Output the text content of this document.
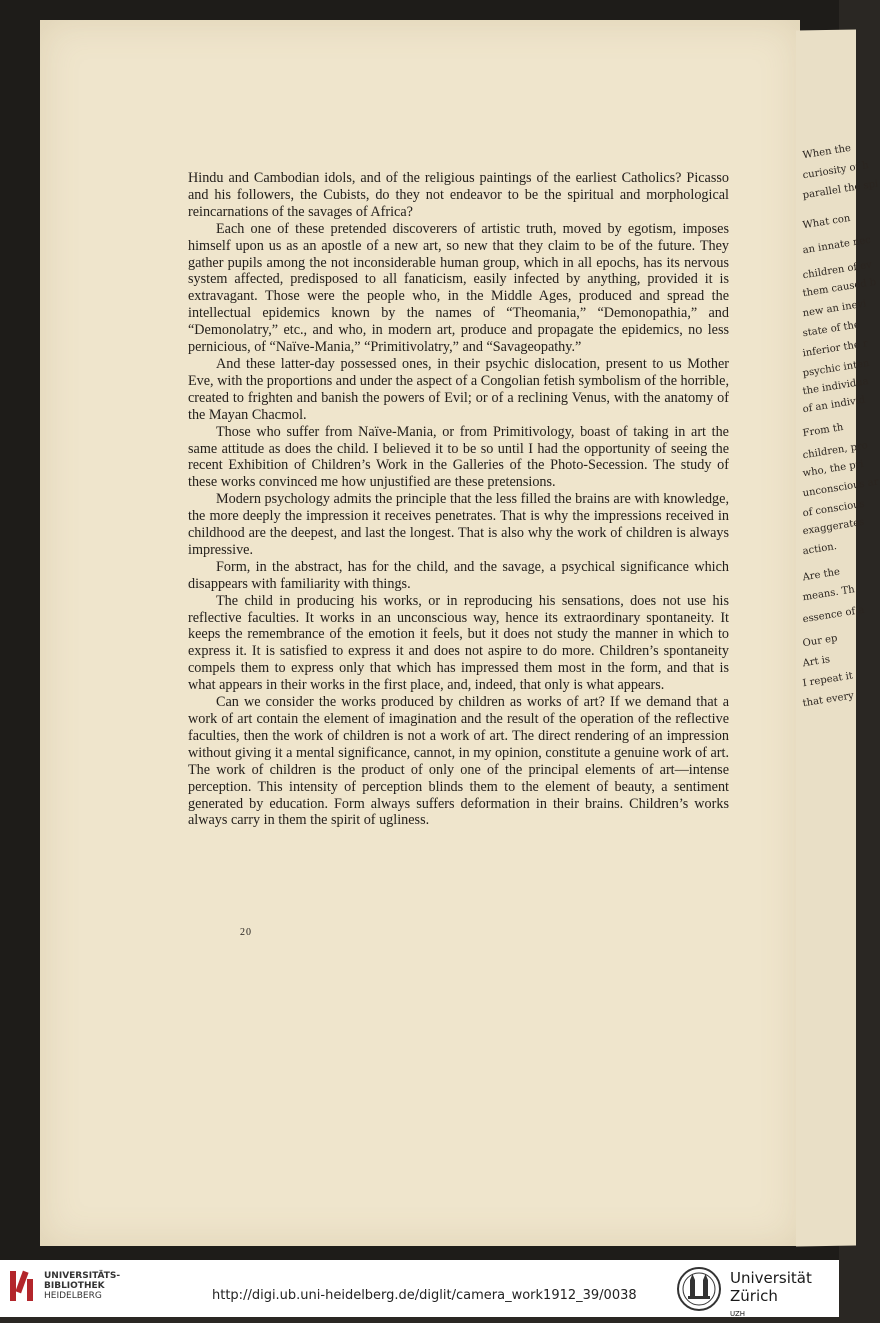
When the
curiosity of h
parallel the spi
What con
an innate nec
children of ev
them caused b
new an inevi
state of the
inferior the r
psychic inten
the individua
of an individ
From th
children, pro
who, the pri
unconscious ar
of conscious
exaggerates
action.
Are the
means. Th
essence of a
Our ep
Art is
I repeat it
that every

Hindu and Cambodian idols, and of the religious paintings of the earliest Catholics? Picasso and his followers, the Cubists, do they not endeavor to be the spiritual and morphological reincarnations of the savages of Africa?

Each one of these pretended discoverers of artistic truth, moved by egotism, imposes himself upon us as an apostle of a new art, so new that they claim to be of the future. They gather pupils among the not inconsiderable human group, which in all epochs, has its nervous system affected, predisposed to all fanaticism, easily infected by anything, provided it is extravagant. Those were the people who, in the Middle Ages, produced and spread the intellectual epidemics known by the names of “Theomania,” “Demonopathia,” and “Demonolatry,” etc., and who, in modern art, produce and propagate the epidemics, no less pernicious, of “Naïve-Mania,” “Primitivolatry,” and “Savageopathy.”

And these latter-day possessed ones, in their psychic dislocation, present to us Mother Eve, with the proportions and under the aspect of a Congolian fetish symbolism of the horrible, created to frighten and banish the powers of Evil; or of a reclining Venus, with the anatomy of the Mayan Chacmol.

Those who suffer from Naïve-Mania, or from Primitivology, boast of taking in art the same attitude as does the child. I believed it to be so until I had the opportunity of seeing the recent Exhibition of Children’s Work in the Galleries of the Photo-Secession. The study of these works convinced me how unjustified are these pretensions.

Modern psychology admits the principle that the less filled the brains are with knowledge, the more deeply the impression it receives penetrates. That is why the impressions received in childhood are the deepest, and last the longest. That is also why the work of children is always impressive.

Form, in the abstract, has for the child, and the savage, a psychical significance which disappears with familiarity with things.

The child in producing his works, or in reproducing his sensations, does not use his reflective faculties. It works in an unconscious way, hence its extraordinary spontaneity. It keeps the remembrance of the emotion it feels, but it does not study the manner in which to express it. It is satisfied to express it and does not aspire to do more. Children’s spontaneity compels them to express only that which has impressed them most in the form, and that is what appears in their works in the first place, and, indeed, that only is what appears.

Can we consider the works produced by children as works of art? If we demand that a work of art contain the element of imagination and the result of the operation of the reflective faculties, then the work of children is not a work of art. The direct rendering of an impression without giving it a mental significance, cannot, in my opinion, constitute a genuine work of art. The work of children is the product of only one of the principal elements of art—intense perception. This intensity of perception blinds them to the element of beauty, a sentiment generated by education. Form always suffers deformation in their brains. Children’s works always carry in them the spirit of ugliness.

20
UNIVERSITÄTS-
BIBLIOTHEK
HEIDELBERG	http://digi.ub.uni-heidelberg.de/diglit/camera_work1912_39/0038
Universität
Zürich
UZH
